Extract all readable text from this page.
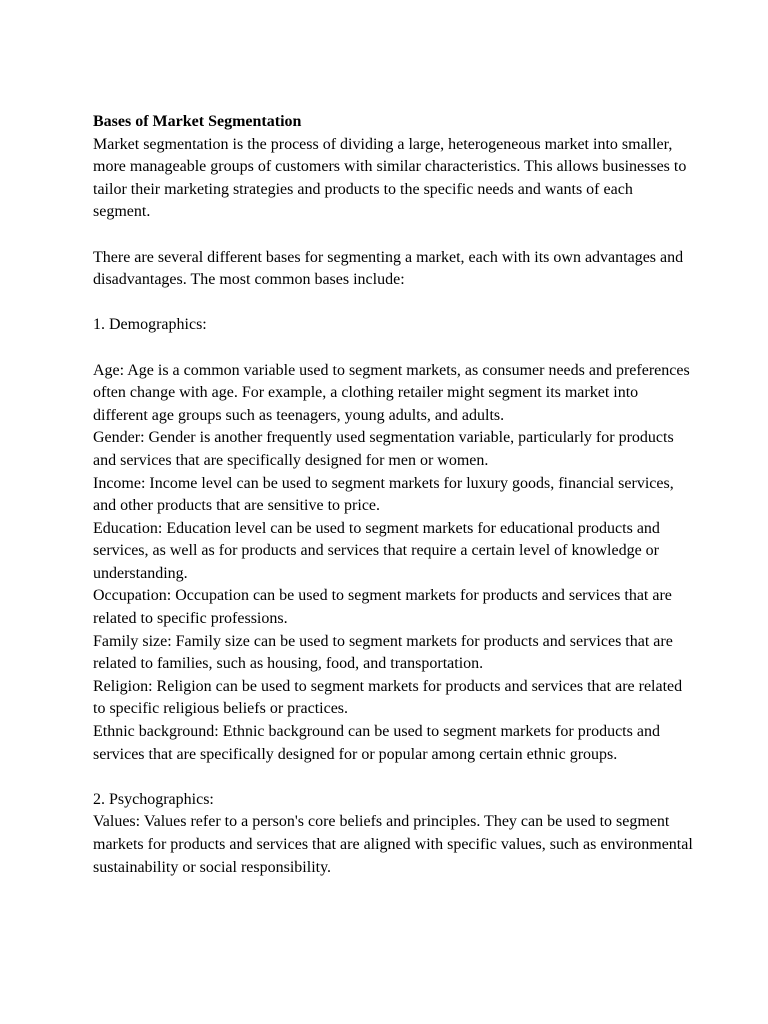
Bases of Market Segmentation

Market segmentation is the process of dividing a large, heterogeneous market into smaller, more manageable groups of customers with similar characteristics. This allows businesses to tailor their marketing strategies and products to the specific needs and wants of each segment.

There are several different bases for segmenting a market, each with its own advantages and disadvantages. The most common bases include:

1. Demographics:

Age: Age is a common variable used to segment markets, as consumer needs and preferences often change with age. For example, a clothing retailer might segment its market into different age groups such as teenagers, young adults, and adults.

Gender: Gender is another frequently used segmentation variable, particularly for products and services that are specifically designed for men or women.

Income: Income level can be used to segment markets for luxury goods, financial services, and other products that are sensitive to price.

Education: Education level can be used to segment markets for educational products and services, as well as for products and services that require a certain level of knowledge or understanding.

Occupation: Occupation can be used to segment markets for products and services that are related to specific professions.

Family size: Family size can be used to segment markets for products and services that are related to families, such as housing, food, and transportation.

Religion: Religion can be used to segment markets for products and services that are related to specific religious beliefs or practices.

Ethnic background: Ethnic background can be used to segment markets for products and services that are specifically designed for or popular among certain ethnic groups.

2. Psychographics:

Values: Values refer to a person's core beliefs and principles. They can be used to segment markets for products and services that are aligned with specific values, such as environmental sustainability or social responsibility.
